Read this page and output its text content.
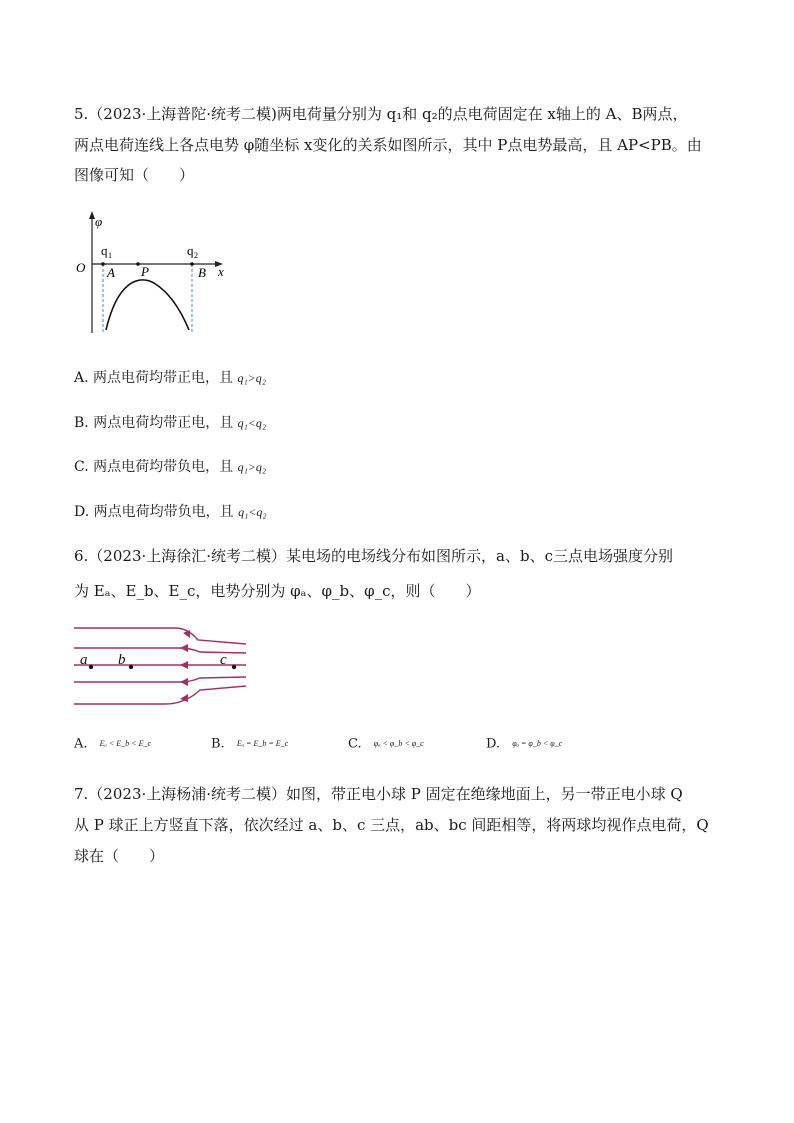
5.（2023·上海普陀·统考二模)两电荷量分别为 q₁和 q₂的点电荷固定在 x轴上的 A、B两点，
两点电荷连线上各点电势 φ随坐标 x变化的关系如图所示，其中 P点电势最高，且 AP<PB。由
图像可知（　　）
φ
O	x
q 1	q 2
A P	B
A. 两点电荷均带正电，且 q₁>q₂
B. 两点电荷均带正电，且 q₁<q₂
C. 两点电荷均带负电，且 q₁>q₂
D. 两点电荷均带负电，且 q₁<q₂
6.（2023·上海徐汇·统考二模）某电场的电场线分布如图所示，a、b、c三点电场强度分别
为 Eₐ、E_b、E_c，电势分别为 φₐ、φ_b、φ_c，则（　　）
a b	c
A. Eₐ < E_b < E_c	B. Eₐ = E_b = E_c	C. φₐ < φ_b < φ_c	D. φₐ = φ_b < φ_c
7.（2023·上海杨浦·统考二模）如图，带正电小球 P 固定在绝缘地面上，另一带正电小球 Q
从 P 球正上方竖直下落，依次经过 a、b、c 三点，ab、bc 间距相等，将两球均视作点电荷，Q
球在（　　）
